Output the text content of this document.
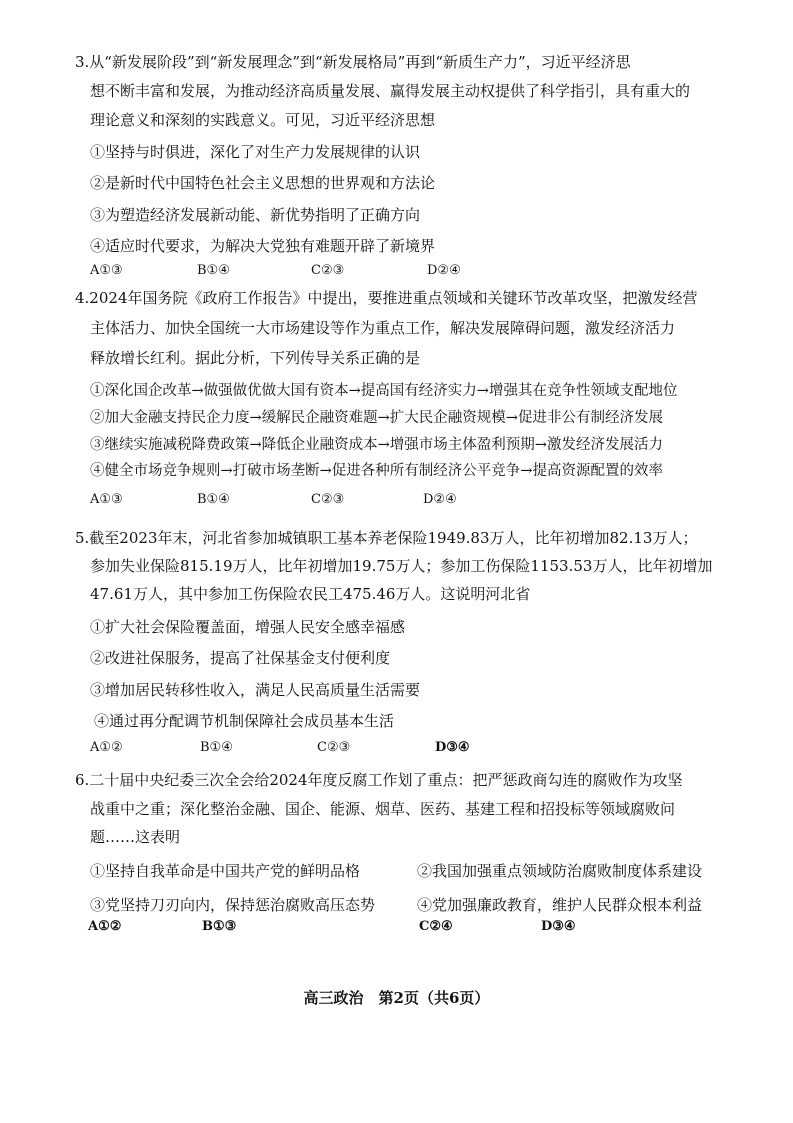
3.从“新发展阶段”到“新发展理念”到“新发展格局”再到“新质生产力”，习近平经济思
想不断丰富和发展，为推动经济高质量发展、赢得发展主动权提供了科学指引，具有重大的
理论意义和深刻的实践意义。可见，习近平经济思想
①坚持与时俱进，深化了对生产力发展规律的认识
②是新时代中国特色社会主义思想的世界观和方法论
③为塑造经济发展新动能、新优势指明了正确方向
④适应时代要求，为解决大党独有难题开辟了新境界
A①③	B①④	C②③	D②④
4.2024年国务院《政府工作报告》中提出，要推进重点领域和关键环节改革攻坚，把激发经营
主体活力、加快全国统一大市场建设等作为重点工作，解决发展障碍问题，激发经济活力
释放增长红利。据此分析，下列传导关系正确的是
①深化国企改革→做强做优做大国有资本→提高国有经济实力→增强其在竞争性领域支配地位
②加大金融支持民企力度→缓解民企融资难题→扩大民企融资规模→促进非公有制经济发展
③继续实施减税降费政策→降低企业融资成本→增强市场主体盈利预期→激发经济发展活力
④健全市场竞争规则→打破市场垄断→促进各种所有制经济公平竞争→提高资源配置的效率
A①③	B①④	C②③	D②④
5.截至2023年末，河北省参加城镇职工基本养老保险1949.83万人，比年初增加82.13万人；
参加失业保险815.19万人，比年初增加19.75万人；参加工伤保险1153.53万人，比年初增加
47.61万人，其中参加工伤保险农民工475.46万人。这说明河北省
①扩大社会保险覆盖面，增强人民安全感幸福感
②改进社保服务，提高了社保基金支付便利度
③增加居民转移性收入，满足人民高质量生活需要
④通过再分配调节机制保障社会成员基本生活
A①②	B①④	C②③	D③④
6.二十届中央纪委三次全会给2024年度反腐工作划了重点：把严惩政商勾连的腐败作为攻坚
战重中之重；深化整治金融、国企、能源、烟草、医药、基建工程和招投标等领域腐败问
题……这表明
①坚持自我革命是中国共产党的鲜明品格	②我国加强重点领域防治腐败制度体系建设
③党坚持刀刃向内，保持惩治腐败高压态势	④党加强廉政教育，维护人民群众根本利益
A①②	B①③	C②④	D③④
高三政治　第2页（共6页）
